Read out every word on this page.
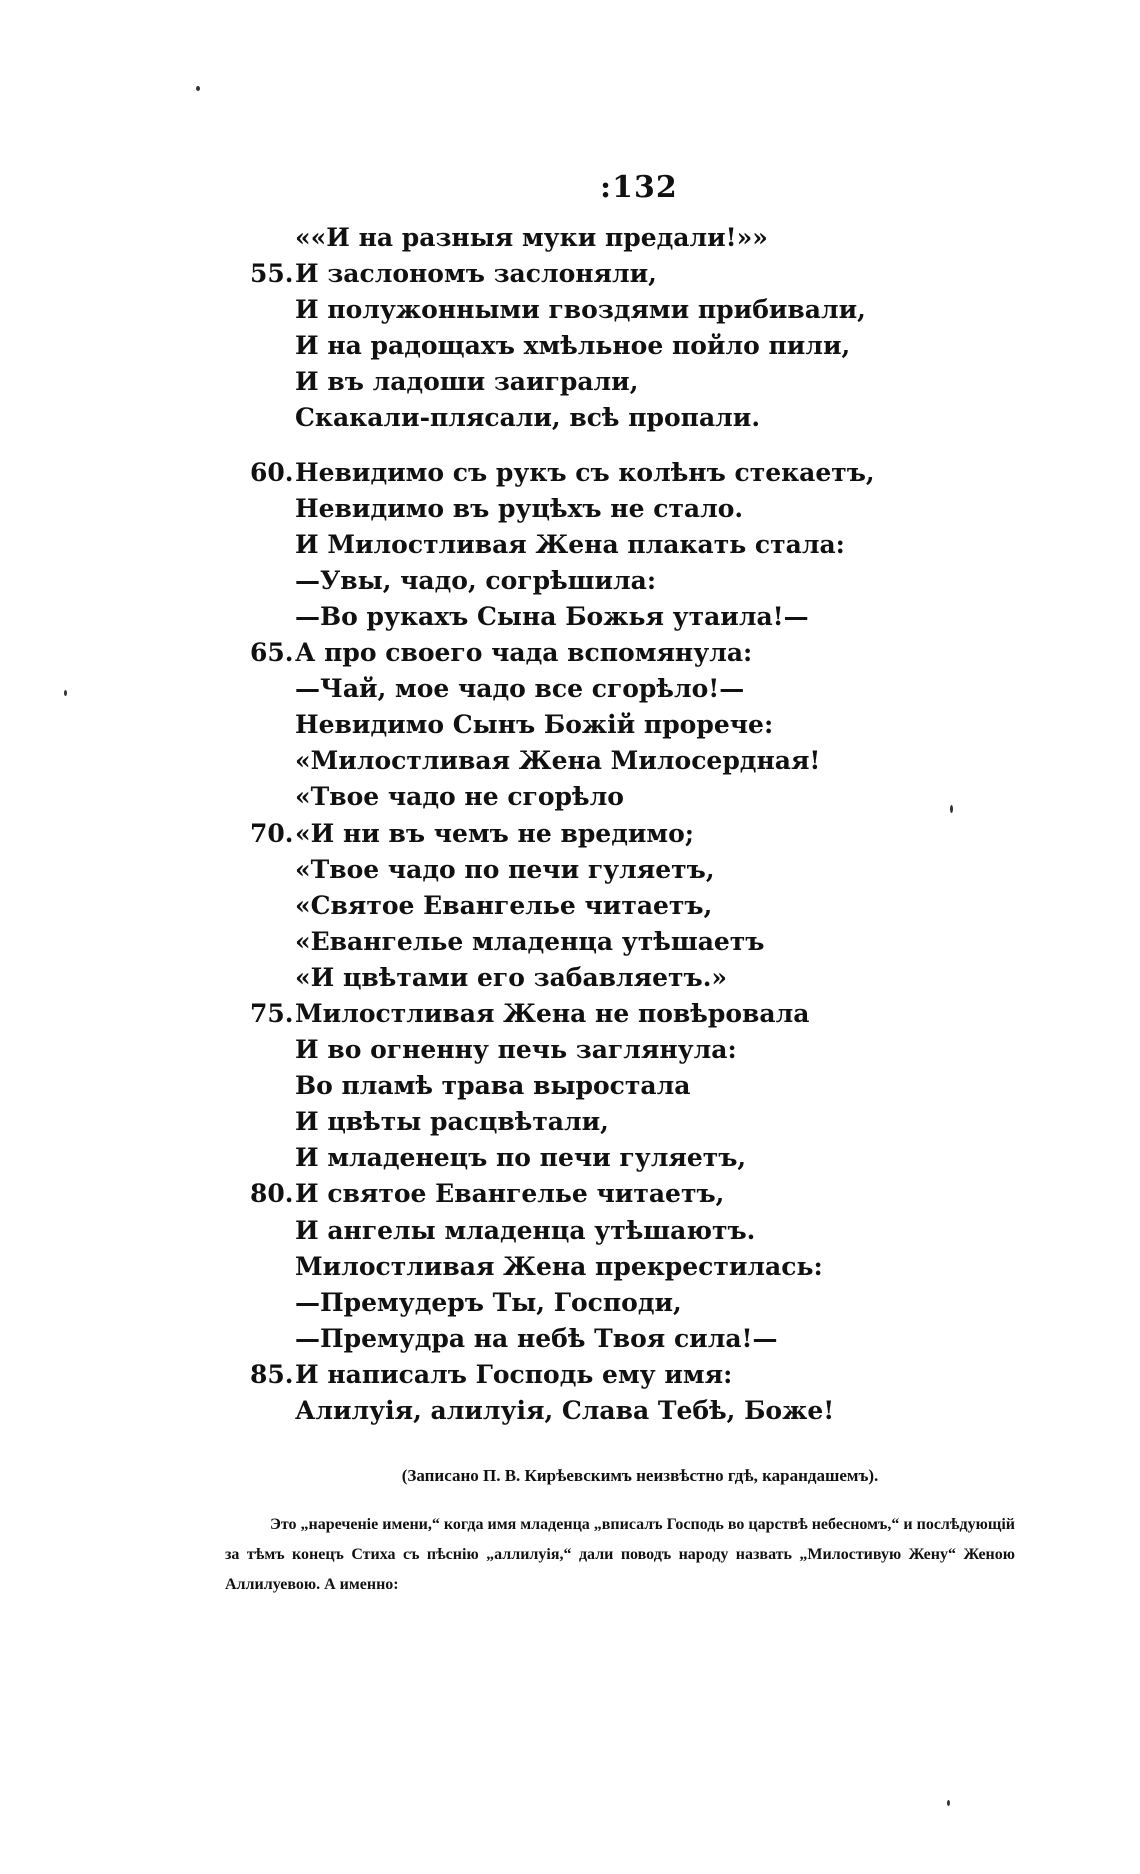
:132
««И на разныя муки предали!»»
55. И заслономъ заслоняли,
И полужонными гвоздями прибивали,
И на радощахъ хмѣльное пойло пили,
И въ ладоши заиграли,
Скакали-плясали, всѣ пропали.
60. Невидимо съ рукъ съ колѣнъ стекаетъ,
Невидимо въ руцѣхъ не стало.
И Милостливая Жена плакать стала:
—Увы, чадо, согрѣшила:
—Во рукахъ Сына Божья утаила!—
65. А про своего чада вспомянула:
—Чай, мое чадо все сгорѣло!—
Невидимо Сынъ Божій проречe:
«Милостливая Жена Милосердная!
«Твое чадо не сгорѣло
70. «И ни въ чемъ не вредимо;
«Твое чадо по печи гуляетъ,
«Святое Евангелье читаетъ,
«Евангелье младенца утѣшаетъ
«И цвѣтами его забавляетъ.»
75. Милостливая Жена не повѣровала
И во огненну печь заглянула:
Во пламѣ трава выростала
И цвѣты расцвѣтали,
И младенецъ по печи гуляетъ,
80. И святое Евангелье читаетъ,
И ангелы младенца утѣшаютъ.
Милостливая Жена прекрестилась:
—Премудеръ Ты, Господи,
—Премудра на небѣ Твоя сила!—
85. И написалъ Господь ему имя:
Алилуія, алилуія, Слава Тебѣ, Боже!
(Записано П. В. Кирѣевскимъ неизвѣстно гдѣ, карандашемъ).
Это „нареченіе имени,“ когда имя младенца „вписалъ Господь во царствѣ небесномъ,“ и послѣдующій за тѣмъ конецъ Стиха съ пѣснію „аллилуія,“ дали поводъ народу назвать „Милостивую Жену“ Женою Аллилуевою. А именно:
